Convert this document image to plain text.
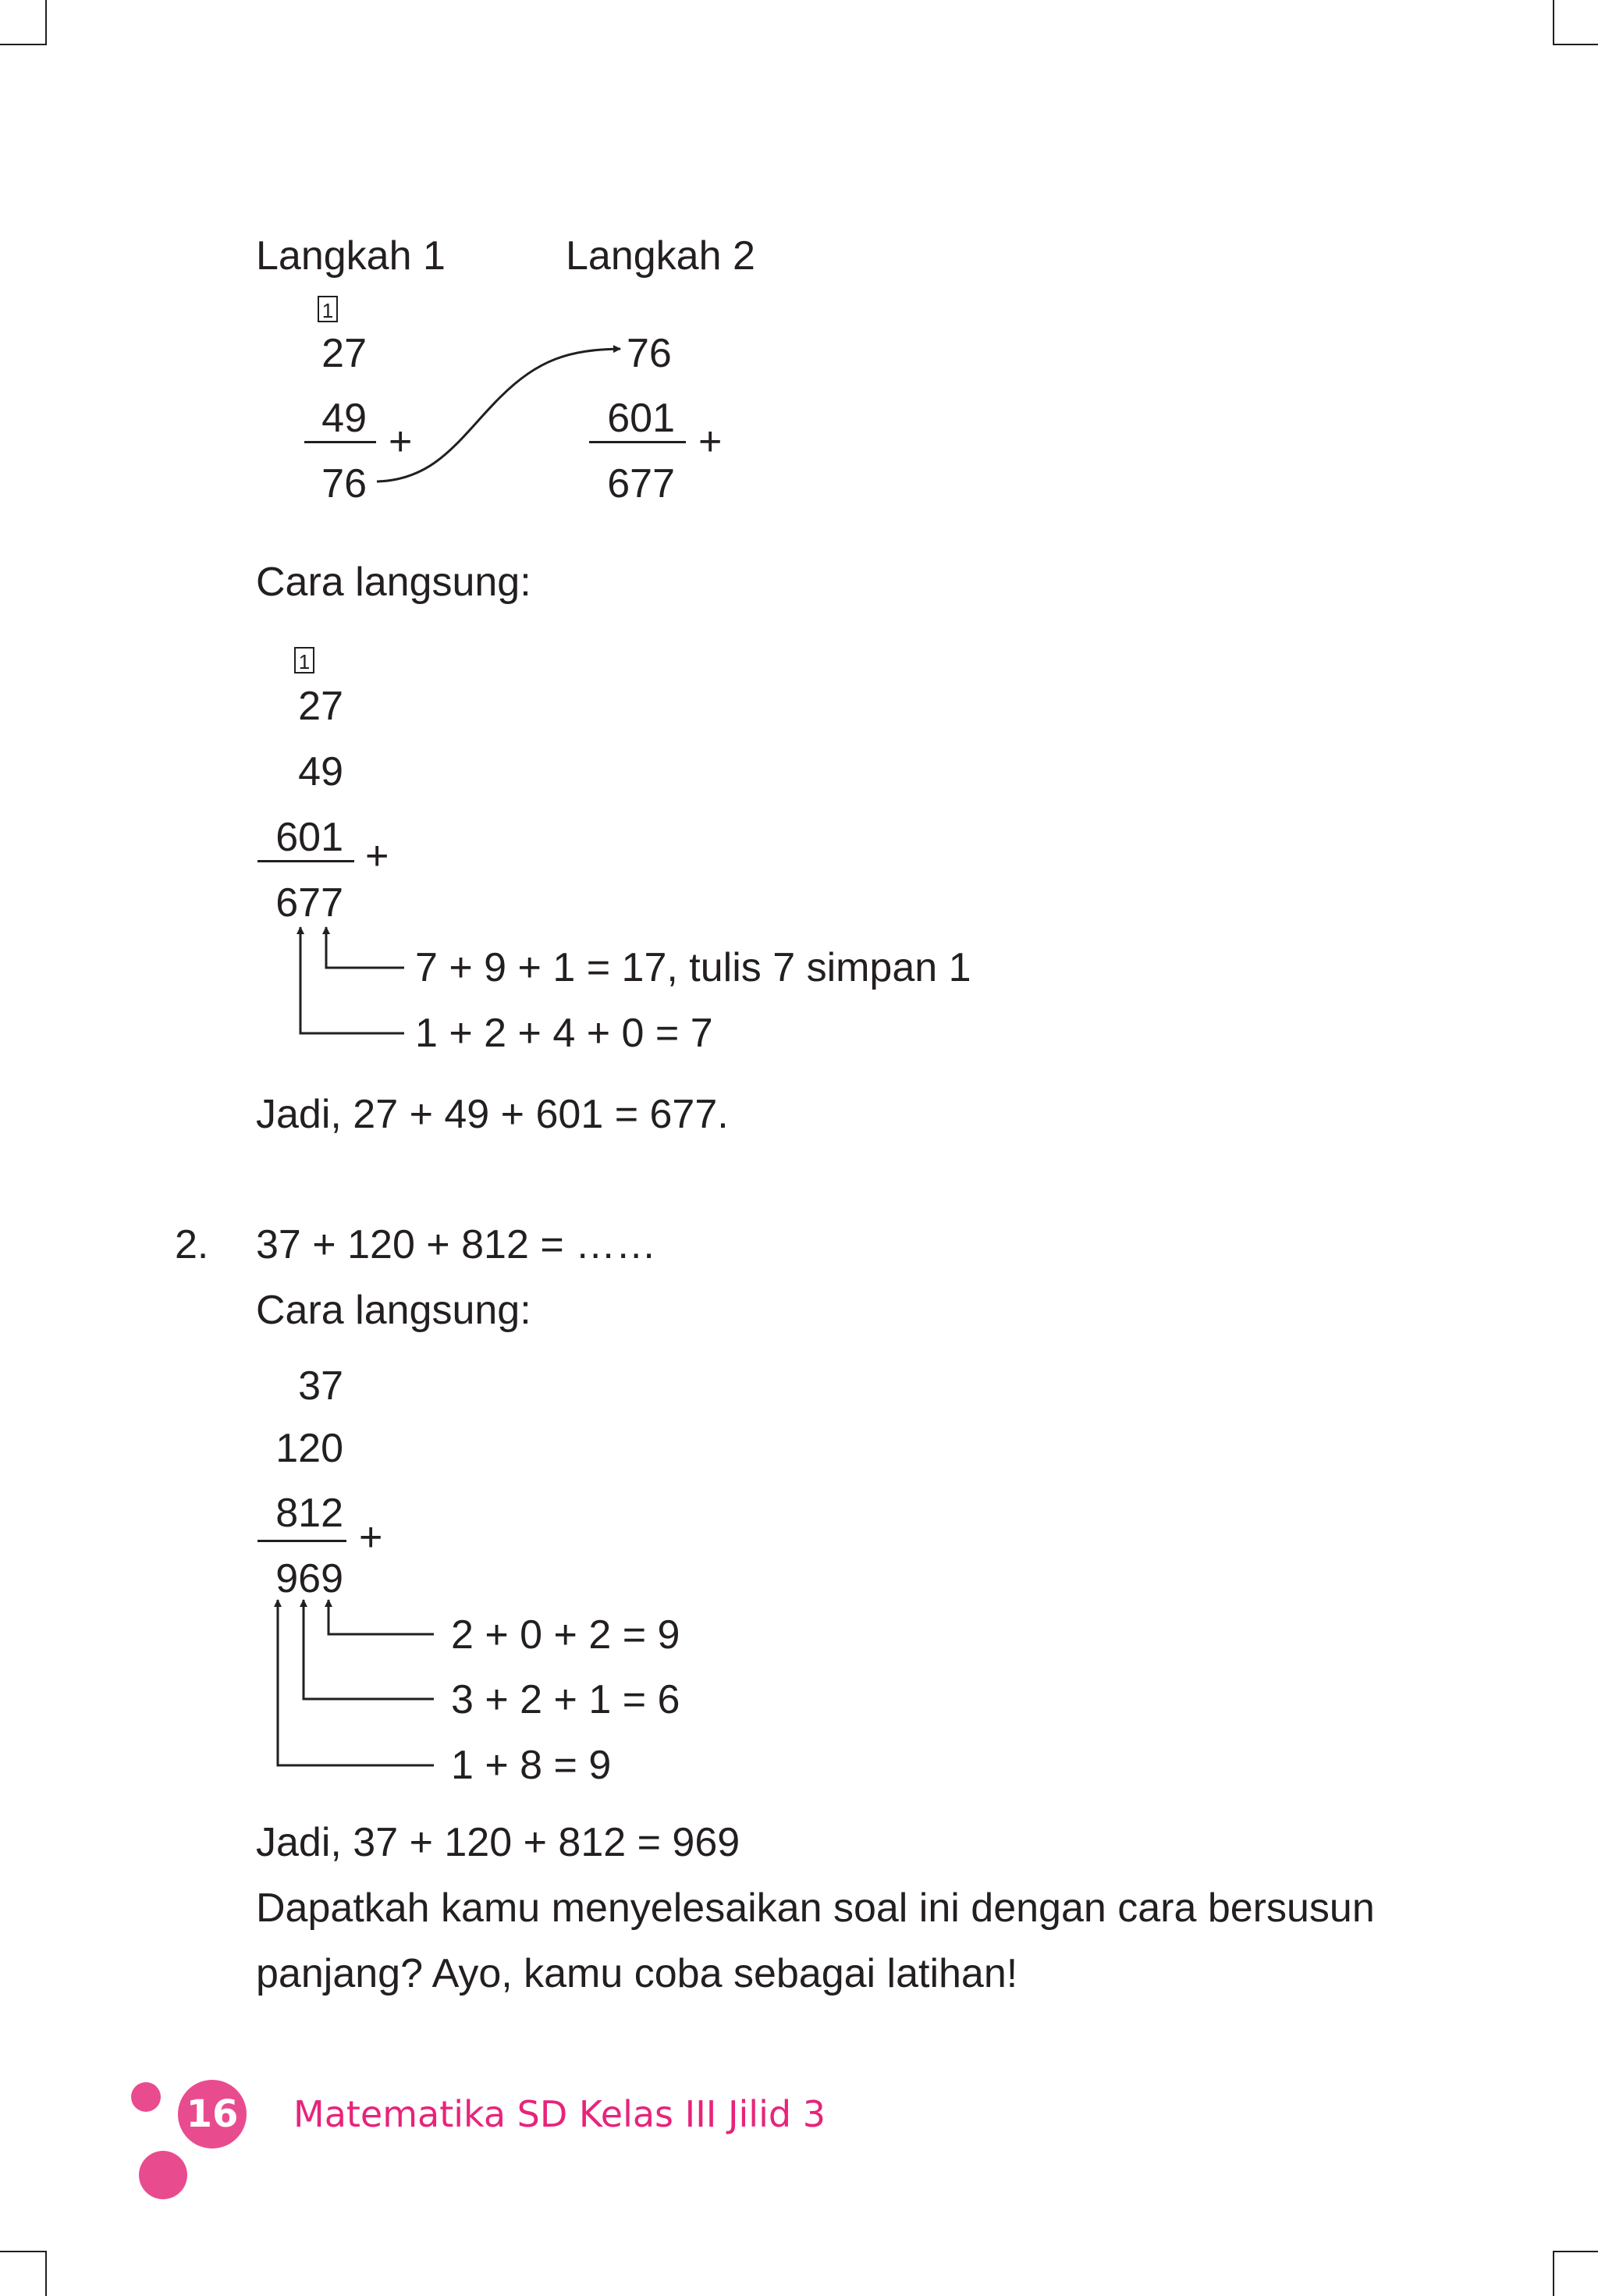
Langkah 1
1
27
49
+
76
Langkah 2
76
601
+
677
Cara langsung:
1
27
49
601 +
677
7 + 9 + 1 = 17, tulis 7 simpan 1
1 + 2 + 4 + 0 = 7
Jadi, 27 + 49 + 601 = 677.
2. 37 + 120 + 812 = ……
Cara langsung:
37
120
812
+
969
2 + 0 + 2 = 9
3 + 2 + 1 = 6
1 + 8 = 9
Jadi, 37 + 120 + 812 = 969
Dapatkah kamu menyelesaikan soal ini dengan cara bersusun
panjang? Ayo, kamu coba sebagai latihan!
16 Matematika SD Kelas III Jilid 3
